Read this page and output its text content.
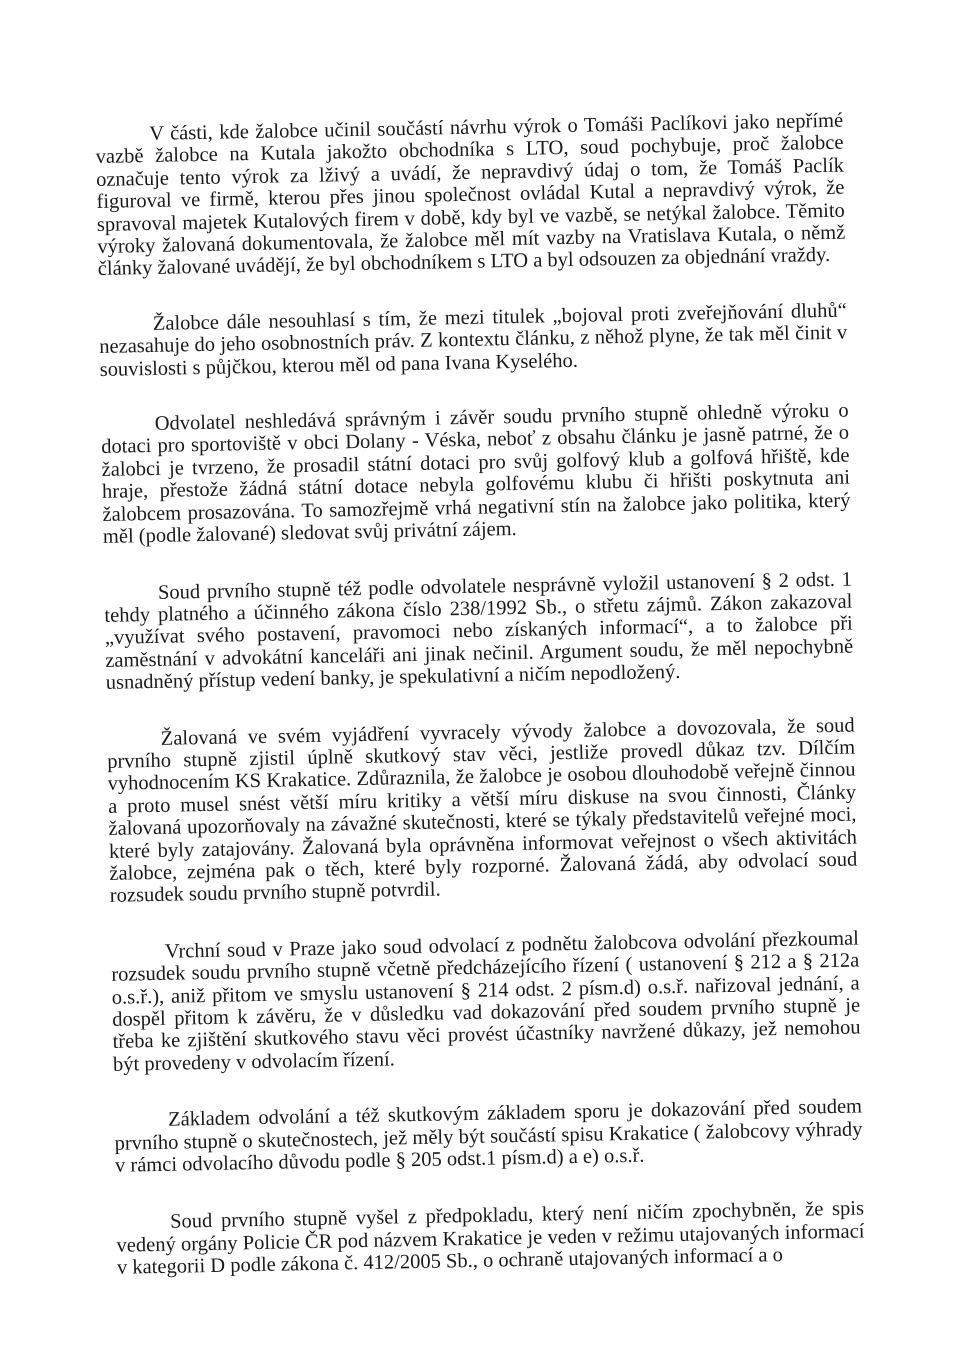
V části, kde žalobce učinil součástí návrhu výrok o Tomáši Paclíkovi jako nepřímé vazbě žalobce na Kutala jakožto obchodníka s LTO, soud pochybuje, proč žalobce označuje tento výrok za lživý a uvádí, že nepravdivý údaj o tom, že Tomáš Paclík figuroval ve firmě, kterou přes jinou společnost ovládal Kutal a nepravdivý výrok, že spravoval majetek Kutalových firem v době, kdy byl ve vazbě, se netýkal žalobce. Těmito výroky žalovaná dokumentovala, že žalobce měl mít vazby na Vratislava Kutala, o němž články žalované uvádějí, že byl obchodníkem s LTO a byl odsouzen za objednání vraždy.

Žalobce dále nesouhlasí s tím, že mezi titulek „bojoval proti zveřejňování dluhů“ nezasahuje do jeho osobnostních práv. Z kontextu článku, z něhož plyne, že tak měl činit v souvislosti s půjčkou, kterou měl od pana Ivana Kyselého.

Odvolatel neshledává správným i závěr soudu prvního stupně ohledně výroku o dotaci pro sportoviště v obci Dolany - Véska, neboť z obsahu článku je jasně patrné, že o žalobci je tvrzeno, že prosadil státní dotaci pro svůj golfový klub a golfová hřiště, kde hraje, přestože žádná státní dotace nebyla golfovému klubu či hřišti poskytnuta ani žalobcem prosazována. To samozřejmě vrhá negativní stín na žalobce jako politika, který měl (podle žalované) sledovat svůj privátní zájem.

Soud prvního stupně též podle odvolatele nesprávně vyložil ustanovení § 2 odst. 1 tehdy platného a účinného zákona číslo 238/1992 Sb., o střetu zájmů. Zákon zakazoval „využívat svého postavení, pravomoci nebo získaných informací“, a to žalobce při zaměstnání v advokátní kanceláři ani jinak nečinil. Argument soudu, že měl nepochybně usnadněný přístup vedení banky, je spekulativní a ničím nepodložený.

Žalovaná ve svém vyjádření vyvracely vývody žalobce a dovozovala, že soud prvního stupně zjistil úplně skutkový stav věci, jestliže provedl důkaz tzv. Dílčím vyhodnocením KS Krakatice. Zdůraznila, že žalobce je osobou dlouhodobě veřejně činnou a proto musel snést větší míru kritiky a větší míru diskuse na svou činnosti, Články žalovaná upozorňovaly na závažné skutečnosti, které se týkaly představitelů veřejné moci, které byly zatajovány. Žalovaná byla oprávněna informovat veřejnost o všech aktivitách žalobce, zejména pak o těch, které byly rozporné. Žalovaná žádá, aby odvolací soud rozsudek soudu prvního stupně potvrdil.

Vrchní soud v Praze jako soud odvolací z podnětu žalobcova odvolání přezkoumal rozsudek soudu prvního stupně včetně předcházejícího řízení ( ustanovení § 212 a § 212a o.s.ř.), aniž přitom ve smyslu ustanovení § 214 odst. 2 písm.d) o.s.ř. nařizoval jednání, a dospěl přitom k závěru, že v důsledku vad dokazování před soudem prvního stupně je třeba ke zjištění skutkového stavu věci provést účastníky navržené důkazy, jež nemohou být provedeny v odvolacím řízení.

Základem odvolání a též skutkovým základem sporu je dokazování před soudem prvního stupně o skutečnostech, jež měly být součástí spisu Krakatice ( žalobcovy výhrady v rámci odvolacího důvodu podle § 205 odst.1 písm.d) a e) o.s.ř.

Soud prvního stupně vyšel z předpokladu, který není ničím zpochybněn, že spis vedený orgány Policie ČR pod názvem Krakatice je veden v režimu utajovaných informací v kategorii D podle zákona č. 412/2005 Sb., o ochraně utajovaných informací a o
